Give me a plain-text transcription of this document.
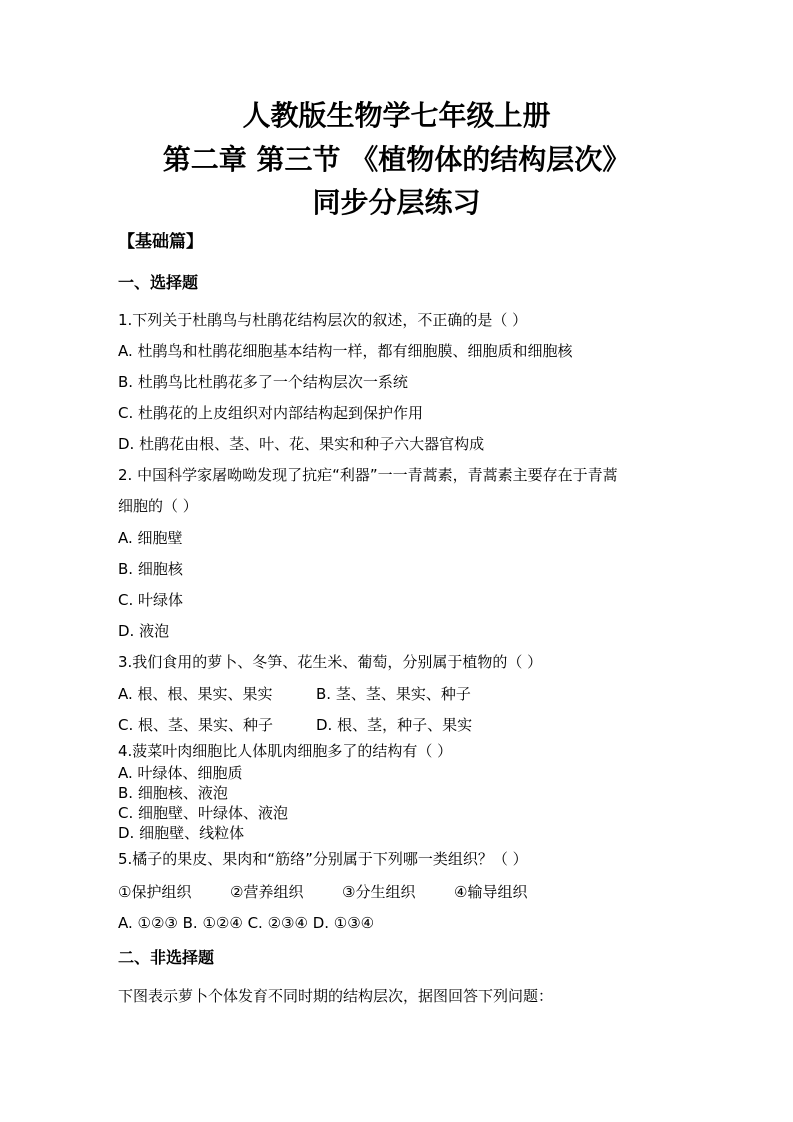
人教版生物学七年级上册
第二章 第三节 《植物体的结构层次》
同步分层练习
【基础篇】
一、选择题
1.下列关于杜鹃鸟与杜鹃花结构层次的叙述，不正确的是（ ）
A. 杜鹃鸟和杜鹃花细胞基本结构一样，都有细胞膜、细胞质和细胞核
B. 杜鹃鸟比杜鹃花多了一个结构层次一系统
C. 杜鹃花的上皮组织对内部结构起到保护作用
D. 杜鹃花由根、茎、叶、花、果实和种子六大器官构成
2. 中国科学家屠呦呦发现了抗疟“利器”一一青蒿素，青蒿素主要存在于青蒿
细胞的（ ）
A. 细胞壁
B. 细胞核
C. 叶绿体
D. 液泡
3.我们食用的萝卜、冬笋、花生米、葡萄，分别属于植物的（ ）
A. 根、根、果实、果实	B. 茎、茎、果实、种子
C. 根、茎、果实、种子	D. 根、茎，种子、果实
4.菠菜叶肉细胞比人体肌肉细胞多了的结构有（ ）
A. 叶绿体、细胞质
B. 细胞核、液泡
C. 细胞壁、叶绿体、液泡
D. 细胞壁、线粒体
5.橘子的果皮、果肉和“筋络”分别属于下列哪一类组织？（ ）
①保护组织	②营养组织	③分生组织	④输导组织
A. ①②③ B. ①②④ C. ②③④ D. ①③④
二、非选择题
下图表示萝卜个体发育不同时期的结构层次，据图回答下列问题：
